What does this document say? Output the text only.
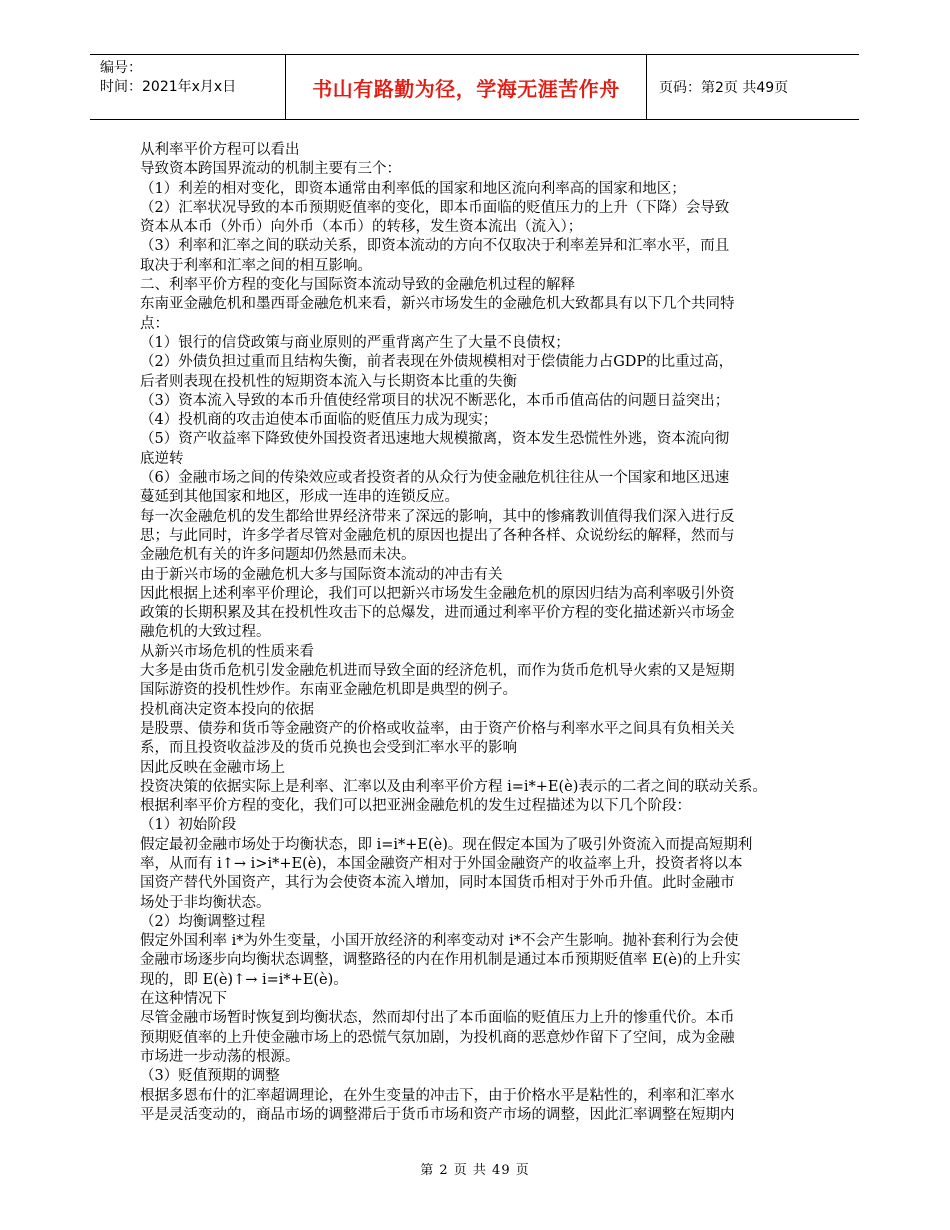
编号：
时间：2021年x月x日	书山有路勤为径，学海无涯苦作舟	页码：第2页 共49页
从利率平价方程可以看出
导致资本跨国界流动的机制主要有三个：
（1）利差的相对变化，即资本通常由利率低的国家和地区流向利率高的国家和地区；
（2）汇率状况导致的本币预期贬值率的变化，即本币面临的贬值压力的上升（下降）会导致
资本从本币（外币）向外币（本币）的转移，发生资本流出（流入）；
（3）利率和汇率之间的联动关系，即资本流动的方向不仅取决于利率差异和汇率水平，而且
取决于利率和汇率之间的相互影响。
二、利率平价方程的变化与国际资本流动导致的金融危机过程的解释
东南亚金融危机和墨西哥金融危机来看，新兴市场发生的金融危机大致都具有以下几个共同特
点：
（1）银行的信贷政策与商业原则的严重背离产生了大量不良债权；
（2）外债负担过重而且结构失衡，前者表现在外债规模相对于偿债能力占GDP的比重过高，
后者则表现在投机性的短期资本流入与长期资本比重的失衡
（3）资本流入导致的本币升值使经常项目的状况不断恶化，本币币值高估的问题日益突出；
（4）投机商的攻击迫使本币面临的贬值压力成为现实；
（5）资产收益率下降致使外国投资者迅速地大规模撤离，资本发生恐慌性外逃，资本流向彻
底逆转
（6）金融市场之间的传染效应或者投资者的从众行为使金融危机往往从一个国家和地区迅速
蔓延到其他国家和地区，形成一连串的连锁反应。
每一次金融危机的发生都给世界经济带来了深远的影响，其中的惨痛教训值得我们深入进行反
思；与此同时，许多学者尽管对金融危机的原因也提出了各种各样、众说纷纭的解释，然而与
金融危机有关的许多问题却仍然悬而未决。
由于新兴市场的金融危机大多与国际资本流动的冲击有关
因此根据上述利率平价理论，我们可以把新兴市场发生金融危机的原因归结为高利率吸引外资
政策的长期积累及其在投机性攻击下的总爆发，进而通过利率平价方程的变化描述新兴市场金
融危机的大致过程。
从新兴市场危机的性质来看
大多是由货币危机引发金融危机进而导致全面的经济危机，而作为货币危机导火索的又是短期
国际游资的投机性炒作。东南亚金融危机即是典型的例子。
投机商决定资本投向的依据
是股票、债券和货币等金融资产的价格或收益率，由于资产价格与利率水平之间具有负相关关
系，而且投资收益涉及的货币兑换也会受到汇率水平的影响
因此反映在金融市场上
投资决策的依据实际上是利率、汇率以及由利率平价方程 i=i*+E(è)表示的二者之间的联动关系。
根据利率平价方程的变化，我们可以把亚洲金融危机的发生过程描述为以下几个阶段：
（1）初始阶段
假定最初金融市场处于均衡状态，即 i=i*+E(è)。现在假定本国为了吸引外资流入而提高短期利
率，从而有 i↑→ i>i*+E(è)，本国金融资产相对于外国金融资产的收益率上升，投资者将以本
国资产替代外国资产，其行为会使资本流入增加，同时本国货币相对于外币升值。此时金融市
场处于非均衡状态。
（2）均衡调整过程
假定外国利率 i*为外生变量，小国开放经济的利率变动对 i*不会产生影响。抛补套利行为会使
金融市场逐步向均衡状态调整，调整路径的内在作用机制是通过本币预期贬值率 E(è)的上升实
现的，即 E(è)↑→ i=i*+E(è)。
在这种情况下
尽管金融市场暂时恢复到均衡状态，然而却付出了本币面临的贬值压力上升的惨重代价。本币
预期贬值率的上升使金融市场上的恐慌气氛加剧，为投机商的恶意炒作留下了空间，成为金融
市场进一步动荡的根源。
（3）贬值预期的调整
根据多恩布什的汇率超调理论，在外生变量的冲击下，由于价格水平是粘性的，利率和汇率水
平是灵活变动的，商品市场的调整滞后于货币市场和资产市场的调整，因此汇率调整在短期内
第 2 页 共 49 页
